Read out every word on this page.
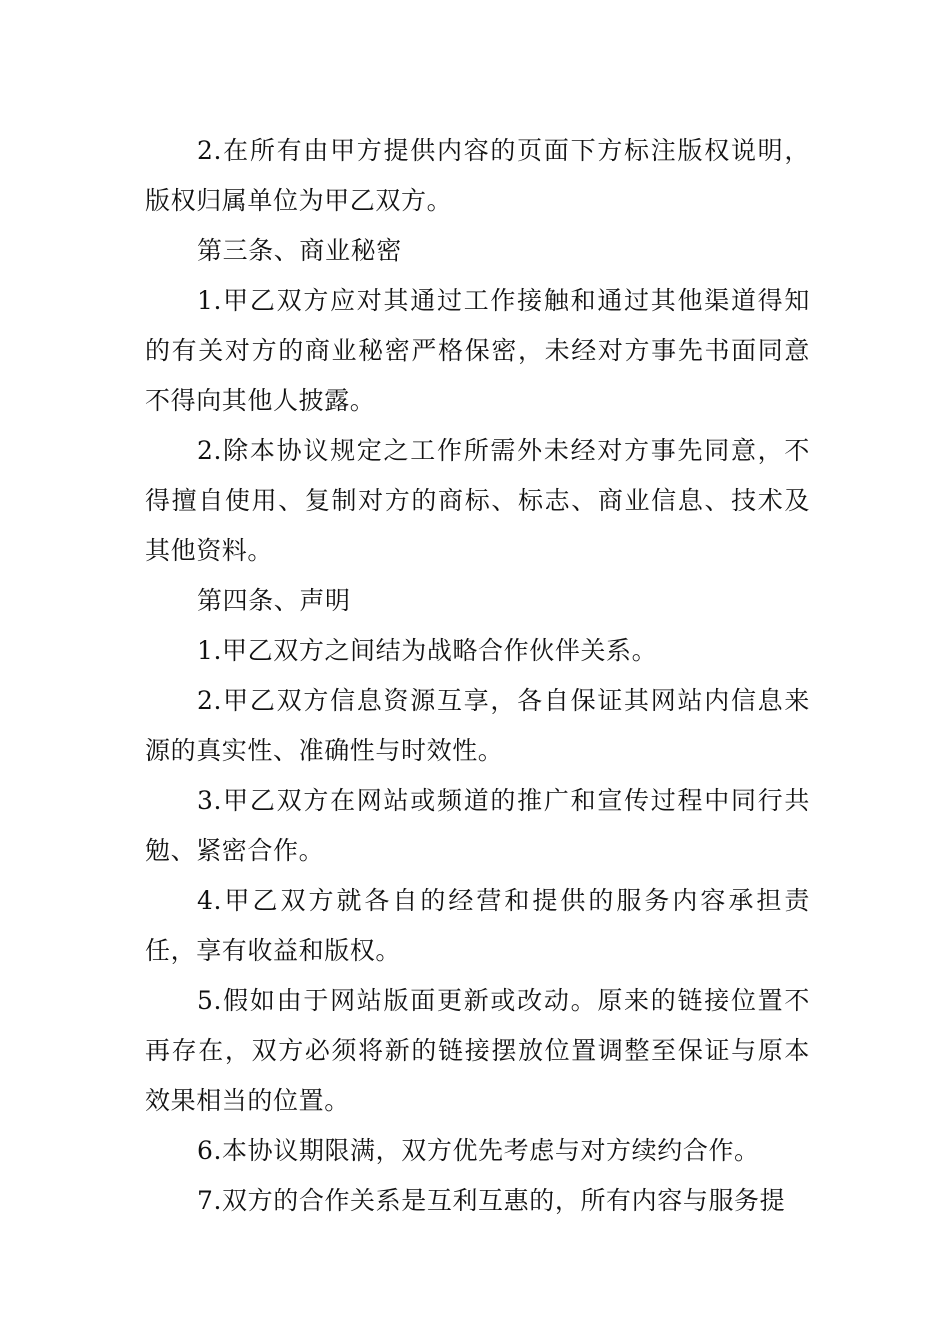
2.在所有由甲方提供内容的页面下方标注版权说明，版权归属单位为甲乙双方。

第三条、商业秘密

1.甲乙双方应对其通过工作接触和通过其他渠道得知的有关对方的商业秘密严格保密，未经对方事先书面同意不得向其他人披露。

2.除本协议规定之工作所需外未经对方事先同意，不得擅自使用、复制对方的商标、标志、商业信息、技术及其他资料。

第四条、声明

1.甲乙双方之间结为战略合作伙伴关系。

2.甲乙双方信息资源互享，各自保证其网站内信息来源的真实性、准确性与时效性。

3.甲乙双方在网站或频道的推广和宣传过程中同行共勉、紧密合作。

4.甲乙双方就各自的经营和提供的服务内容承担责任，享有收益和版权。

5.假如由于网站版面更新或改动。原来的链接位置不再存在，双方必须将新的链接摆放位置调整至保证与原本效果相当的位置。

6.本协议期限满，双方优先考虑与对方续约合作。

7.双方的合作关系是互利互惠的，所有内容与服务提
